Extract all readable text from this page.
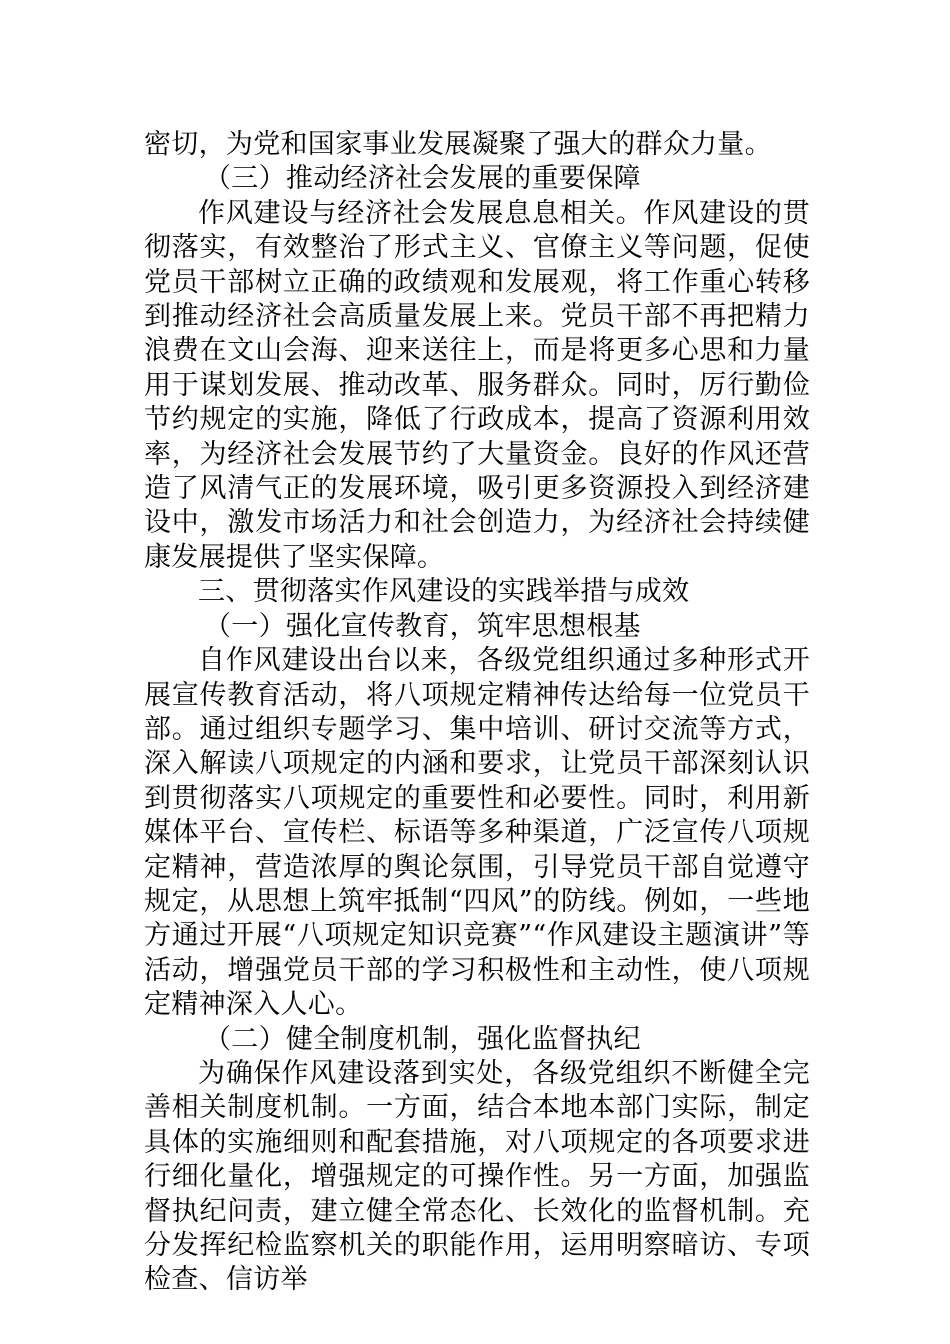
密切，为党和国家事业发展凝聚了强大的群众力量。

（三）推动经济社会发展的重要保障

作风建设与经济社会发展息息相关。作风建设的贯彻落实，有效整治了形式主义、官僚主义等问题，促使党员干部树立正确的政绩观和发展观，将工作重心转移到推动经济社会高质量发展上来。党员干部不再把精力浪费在文山会海、迎来送往上，而是将更多心思和力量用于谋划发展、推动改革、服务群众。同时，厉行勤俭节约规定的实施，降低了行政成本，提高了资源利用效率，为经济社会发展节约了大量资金。良好的作风还营造了风清气正的发展环境，吸引更多资源投入到经济建设中，激发市场活力和社会创造力，为经济社会持续健康发展提供了坚实保障。

三、贯彻落实作风建设的实践举措与成效

（一）强化宣传教育，筑牢思想根基

自作风建设出台以来，各级党组织通过多种形式开展宣传教育活动，将八项规定精神传达给每一位党员干部。通过组织专题学习、集中培训、研讨交流等方式，深入解读八项规定的内涵和要求，让党员干部深刻认识到贯彻落实八项规定的重要性和必要性。同时，利用新媒体平台、宣传栏、标语等多种渠道，广泛宣传八项规定精神，营造浓厚的舆论氛围，引导党员干部自觉遵守规定，从思想上筑牢抵制“四风”的防线。例如，一些地方通过开展“八项规定知识竞赛”“作风建设主题演讲”等活动，增强党员干部的学习积极性和主动性，使八项规定精神深入人心。

（二）健全制度机制，强化监督执纪

为确保作风建设落到实处，各级党组织不断健全完善相关制度机制。一方面，结合本地本部门实际，制定具体的实施细则和配套措施，对八项规定的各项要求进行细化量化，增强规定的可操作性。另一方面，加强监督执纪问责，建立健全常态化、长效化的监督机制。充分发挥纪检监察机关的职能作用，运用明察暗访、专项检查、信访举
